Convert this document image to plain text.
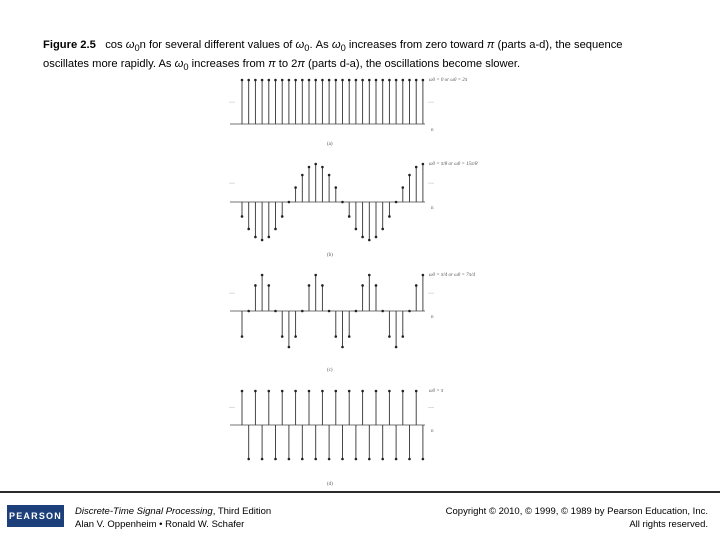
Figure 2.5 $\cos \omega_0n$ for several different values of $\omega_0$. As $\omega_0$ increases from zero toward π (parts a-d), the sequence
oscillates more rapidly. As $\omega_0$ increases from π to 2π (parts d-a), the oscillations become slower.
ω0 = 0 or ω0 = 2π
···	···
n
(a)
ω0 = π/8 or ω0 = 15π/8
···	···
n
(b)
ω0 = π/4 or ω0 = 7π/4
···	···
n
(c)
ω0 = π
···	···
n
(d)
PEARSON Discrete-Time Signal Processing, Third Edition
Alan V. Oppenheim • Ronald W. Schafer
Copyright © 2010, © 1999, © 1989 by Pearson Education, Inc.
All rights reserved.
